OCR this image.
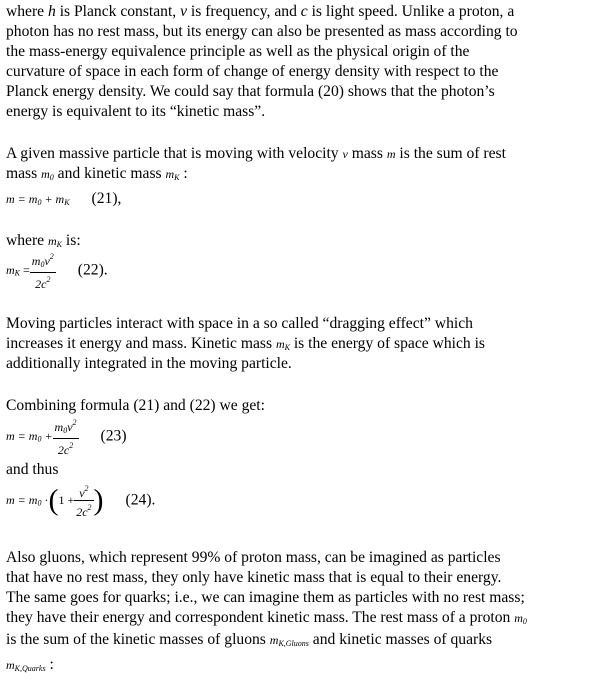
where h is Planck constant, ν is frequency, and c is light speed. Unlike a proton, a

photon has no rest mass, but its energy can also be presented as mass according to

the mass-energy equivalence principle as well as the physical origin of the

curvature of space in each form of change of energy density with respect to the

Planck energy density. We could say that formula (20) shows that the photon’s

energy is equivalent to its “kinetic mass”.

A given massive particle that is moving with velocity v mass m is the sum of rest

mass $m_0$ and kinetic mass $m_K$ :

$m = m_0 + m_K$ (21),

where $m_K$ is:

$m_K = \frac{m_0v^2}{2c^2} (22)$.

Moving particles interact with space in a so called “dragging effect” which

increases it energy and mass. Kinetic mass $m_K$ is the energy of space which is

additionally integrated in the moving particle.

Combining formula (21) and (22) we get:

$m = m_0 + \frac{m_0v^2}{2c^2} (23)$

and thus

$m = m_0 \cdot(1 + \frac{v^2}{2c^2}$ ) (24).

Also gluons, which represent 99% of proton mass, can be imagined as particles

that have no rest mass, they only have kinetic mass that is equal to their energy.

The same goes for quarks; i.e., we can imagine them as particles with no rest mass;

they have their energy and correspondent kinetic mass. The rest mass of a proton $m_0$

is the sum of the kinetic masses of gluons $m_{K,Gluons}$ and kinetic masses of quarks

$m_{K,Quarks}$ :
